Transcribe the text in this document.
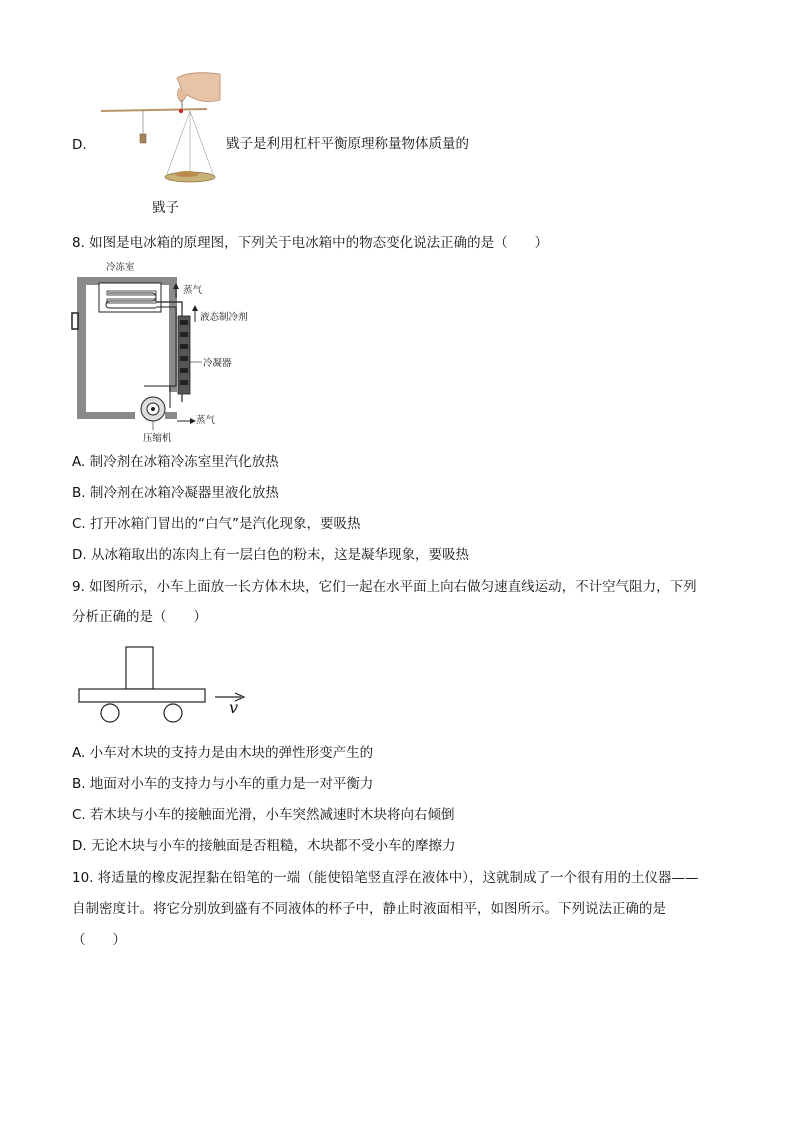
D.	戥子是利用杠杆平衡原理称量物体质量的
戥子
8. 如图是电冰箱的原理图，下列关于电冰箱中的物态变化说法正确的是（　　）
冷冻室
蒸气
液态制冷剂
冷凝器
蒸气
压缩机
A. 制冷剂在冰箱冷冻室里汽化放热
B. 制冷剂在冰箱冷凝器里液化放热
C. 打开冰箱门冒出的“白气”是汽化现象，要吸热
D. 从冰箱取出的冻肉上有一层白色的粉末，这是凝华现象，要吸热
9. 如图所示，小车上面放一长方体木块，它们一起在水平面上向右做匀速直线运动，不计空气阻力，下列
分析正确的是（　　）
v
A. 小车对木块的支持力是由木块的弹性形变产生的
B. 地面对小车的支持力与小车的重力是一对平衡力
C. 若木块与小车的接触面光滑，小车突然减速时木块将向右倾倒
D. 无论木块与小车的接触面是否粗糙，木块都不受小车的摩擦力
10. 将适量的橡皮泥捏黏在铅笔的一端（能使铅笔竖直浮在液体中），这就制成了一个很有用的土仪器——
自制密度计。将它分别放到盛有不同液体的杯子中，静止时液面相平，如图所示。下列说法正确的是
（　　）
